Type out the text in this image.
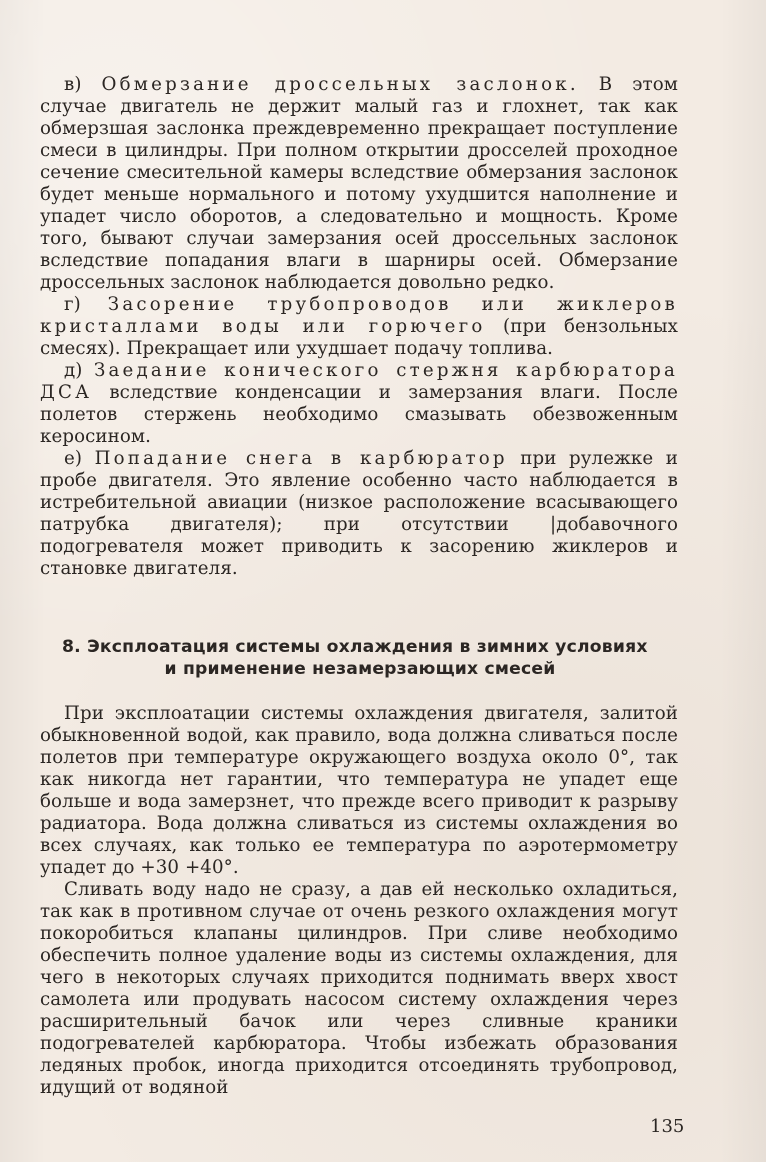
в) Обмерзание дроссельных заслонок. В этом случае двигатель не держит малый газ и глохнет, так как обмерзшая заслонка преждевременно прекращает поступление смеси в цилиндры. При полном открытии дросселей проходное сечение смесительной камеры вследствие обмерзания заслонок будет меньше нормального и потому ухудшится наполнение и упадет число оборотов, а следовательно и мощность. Кроме того, бывают случаи замерзания осей дроссельных заслонок вследствие попадания влаги в шарниры осей. Обмерзание дроссельных заслонок наблюдается довольно редко.

г) Засорение трубопроводов или жиклеров кристаллами воды или горючего (при бензольных смесях). Прекращает или ухудшает подачу топлива.

д) Заедание конического стержня карбюратора ДСА вследствие конденсации и замерзания влаги. После полетов стержень необходимо смазывать обезвоженным керосином.

е) Попадание снега в карбюратор при рулежке и пробе двигателя. Это явление особенно часто наблюдается в истребительной авиации (низкое расположение всасывающего патрубка двигателя); при отсутствии |добавочного подогревателя может приводить к засорению жиклеров и становке двигателя.

8. Эксплоатация системы охлаждения в зимних условиях
и применение незамерзающих смесей

При эксплоатации системы охлаждения двигателя, залитой обыкновенной водой, как правило, вода должна сливаться после полетов при температуре окружающего воздуха около 0°, так как никогда нет гарантии, что температура не упадет еще больше и вода замерзнет, что прежде всего приводит к разрыву радиатора. Вода должна сливаться из системы охлаждения во всех случаях, как только ее температура по аэротермометру упадет до +30 +40°.

Сливать воду надо не сразу, а дав ей несколько охладиться, так как в противном случае от очень резкого охлаждения могут покоробиться клапаны цилиндров. При сливе необходимо обеспечить полное удаление воды из системы охлаждения, для чего в некоторых случаях приходится поднимать вверх хвост самолета или продувать насосом систему охлаждения через расширительный бачок или через сливные краники подогревателей карбюратора. Чтобы избежать образования ледяных пробок, иногда приходится отсоединять трубопровод, идущий от водяной

135
